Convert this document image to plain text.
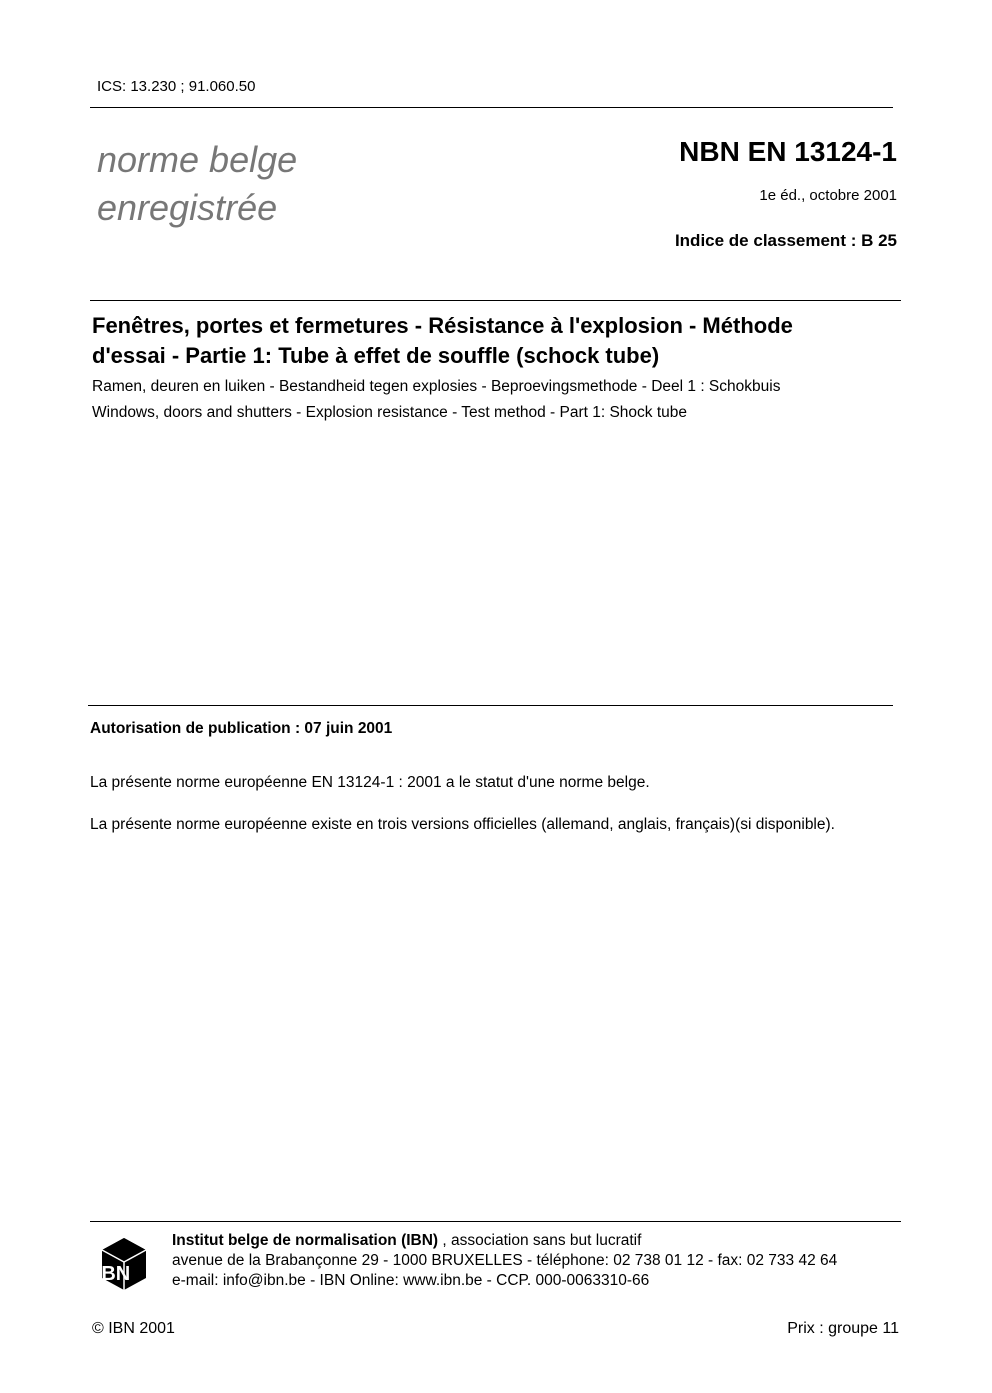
ICS: 13.230 ; 91.060.50
norme belge
enregistrée
NBN EN 13124-1
1e éd., octobre 2001
Indice de classement : B 25
Fenêtres, portes et fermetures - Résistance à l'explosion - Méthode
d'essai - Partie 1: Tube à effet de souffle (schock tube)
Ramen, deuren en luiken - Bestandheid tegen explosies - Beproevingsmethode - Deel 1 : Schokbuis
Windows, doors and shutters - Explosion resistance - Test method - Part 1: Shock tube
Autorisation de publication : 07 juin 2001
La présente norme européenne EN 13124-1 : 2001 a le statut d'une norme belge.
La présente norme européenne existe en trois versions officielles (allemand, anglais, français)(si disponible).
IBN
Institut belge de normalisation (IBN) , association sans but lucratif
avenue de la Brabançonne 29 - 1000 BRUXELLES - téléphone: 02 738 01 12 - fax: 02 733 42 64
e-mail: info@ibn.be - IBN Online: www.ibn.be - CCP. 000-0063310-66
© IBN 2001	Prix : groupe 11
